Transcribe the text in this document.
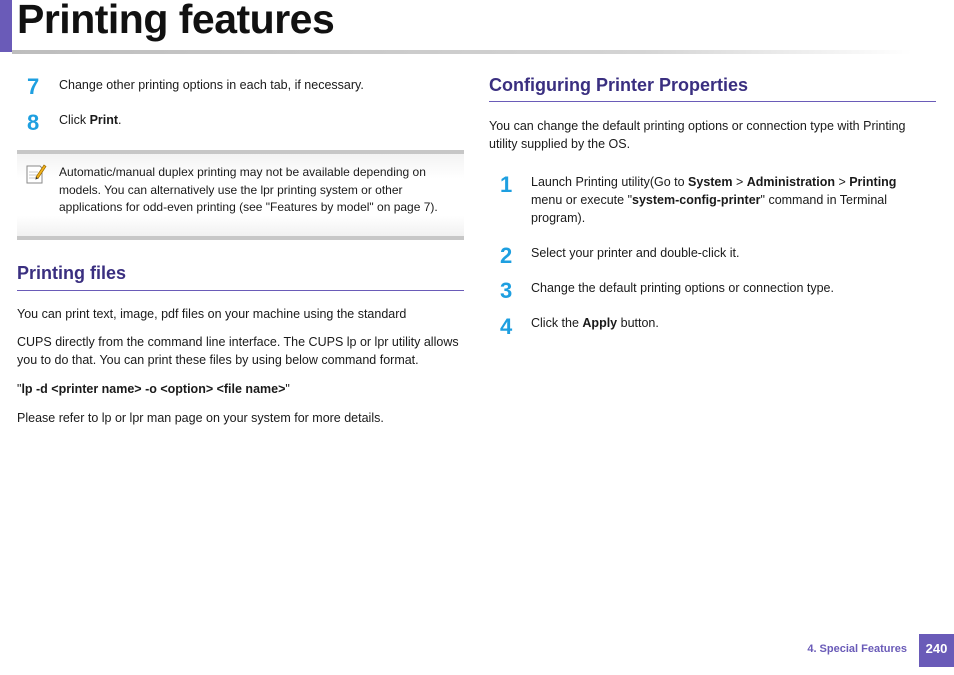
Printing features
7	Change other printing options in each tab, if necessary.
8	Click Print.
Automatic/manual duplex printing may not be available depending on models. You can alternatively use the lpr printing system or other applications for odd-even printing (see "Features by model" on page 7).
Printing files
You can print text, image, pdf files on your machine using the standard
CUPS directly from the command line interface. The CUPS lp or lpr utility allows you to do that. You can print these files by using below command format.
"lp -d <printer name> -o <option> <file name>"
Please refer to lp or lpr man page on your system for more details.
Configuring Printer Properties
You can change the default printing options or connection type with Printing utility supplied by the OS.
1	Launch Printing utility(Go to System > Administration > Printing menu or execute "system-config-printer" command in Terminal program).
2	Select your printer and double-click it.
3	Change the default printing options or connection type.
4	Click the Apply button.
4. Special Features	240
